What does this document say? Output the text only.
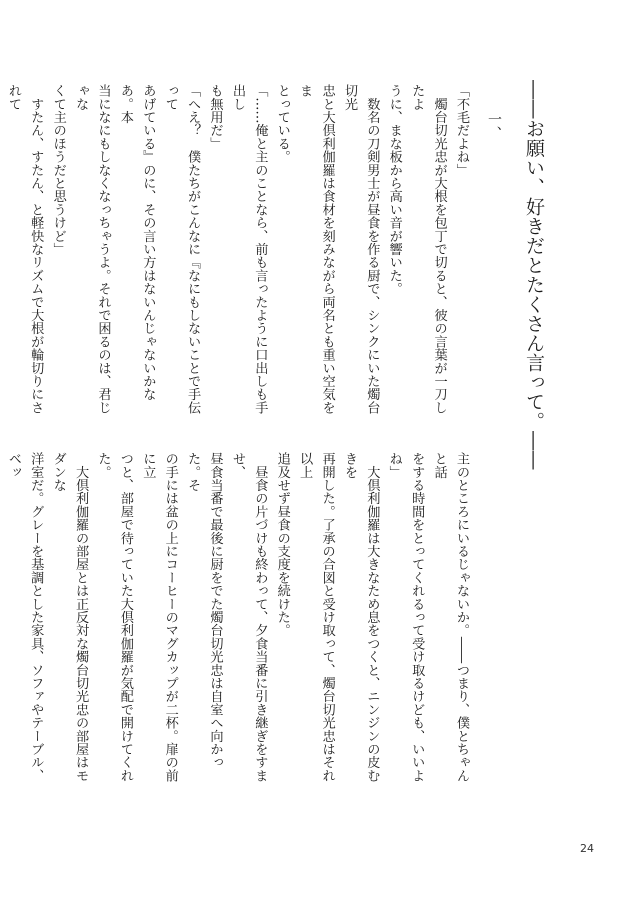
――お願い、好きだとたくさん言って。――
一、

「不毛だよね」

　燭台切光忠が大根を包丁で切ると、彼の言葉が一刀したよ

うに、まな板から高い音が響いた。

　数名の刀剣男士が昼食を作る厨で、シンクにいた燭台切光

忠と大倶利伽羅は食材を刻みながら両名とも重い空気をま

とっている。

「……俺と主のことなら、前も言ったように口出しも手出し

も無用だ」

「へえ？　僕たちがこんなに『なにもしないことで手伝って

あげている』のに、その言い方はないんじゃないかなあ。本

当になにもしなくなっちゃうよ。それで困るのは、君じゃな

くて主のほうだと思うけど」

　すたん、すたん、と軽快なリズムで大根が輪切りにされて

主のところにいるじゃないか。――つまり、僕とちゃんと話

をする時間をとってくれるって受け取るけども、いいよね」

　大倶利伽羅は大きなため息をつくと、ニンジンの皮むきを

再開した。了承の合図と受け取って、燭台切光忠はそれ以上

追及せず昼食の支度を続けた。

　昼食の片づけも終わって、夕食当番に引き継ぎをすませ、

昼食当番で最後に厨をでた燭台切光忠は自室へ向かった。そ

の手には盆の上にコーヒーのマグカップが二杯。扉の前に立

つと、部屋で待っていた大倶利伽羅が気配で開けてくれた。

　大倶利伽羅の部屋とは正反対な燭台切光忠の部屋はモダンな

洋室だ。グレーを基調とした家具、ソファやテーブル、ベッ

24
